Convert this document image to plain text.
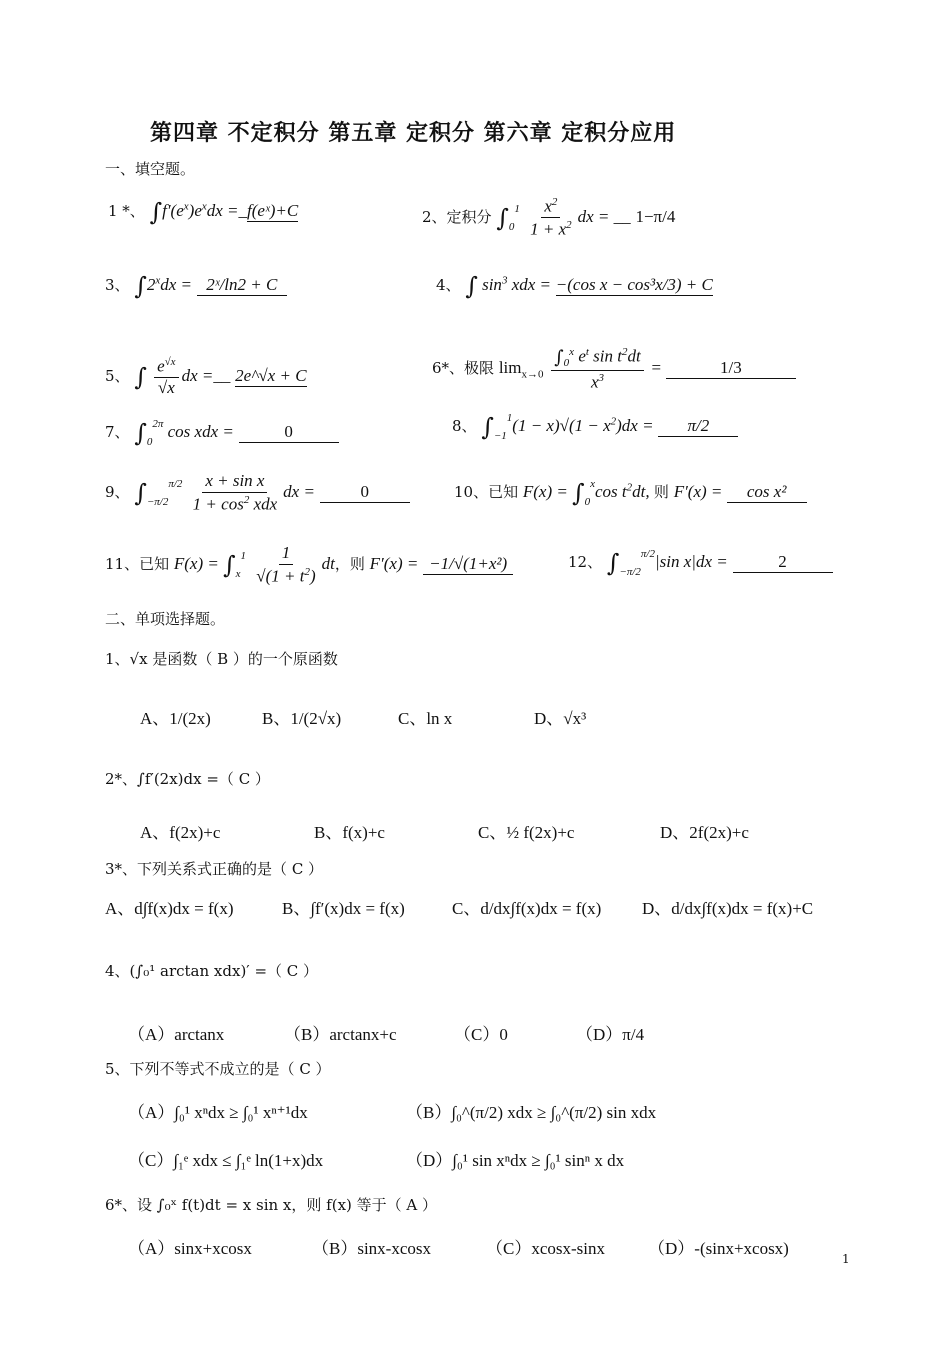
第四章 不定积分 第五章 定积分 第六章 定积分应用
一、填空题。
1 *、 $\int f'(e^x)e^xdx$ =_f(eˣ)+C	2、定积分 $\int_0^1 \frac{x^2}{1 + x^2}$ dx = __ 1−π/4
3、 $\int 2^xdx$ = 2ˣ/ln2 + C	4、 ∫ $\sin^3$ xdx = −(cos x − cos³x/3) + C
5、 ∫ $\frac{e^{√x}}{√x}$ dx =__ 2e^√x + C	6*、极限 $\lim_{x\to 0} \frac{\int_0^x e^t \sin t^2dt}{x^3}$ =	1/3
7、 $\int_0^{2\pi}$ cos xdx =	0	8、 $\int_{-1}^1(1 - x)√(1 - x^2)dx = \pi/2$
9、 $\int_{-\pi/2}^{\pi/2} \frac{\text{x + sin x}}{1 + \cos^2 xdx}$ dx =	0	10、已知 $F(x) = \int_0^x\cos$ $t^2dt$, 则 F′(x) = cos x²
11、已知 $F(x) = \int_x^1 \frac{1}{√(1 + t^2)}$ dt，则 F′(x) = −1/√(1+x²)	12、 $\int_{-\pi/2}^{\pi/2}|\sin$ x|dx =	2
二、单项选择题。
1、√x 是函数（ B ）的一个原函数
A、1/(2x)	B、1/(2√x)	C、ln x	D、√x³
2*、∫f′(2x)dx =（ C ）
A、f(2x)+c	B、f(x)+c	C、½ f(2x)+c	D、2f(2x)+c
3*、下列关系式正确的是（ C ）
A、d∫f(x)dx = f(x)	B、∫f′(x)dx = f(x)	C、d/dx∫f(x)dx = f(x) D、d/dx∫f(x)dx = f(x)+C
4、(∫₀¹ arctan xdx)′ =（ C ）
（A）arctanx	（B）arctanx+c	（C）0	（D）π/4
5、下列不等式不成立的是（ C ）
（A）∫₀¹ xⁿdx ≥ ∫₀¹ xⁿ⁺¹dx	（B）∫₀^(π/2) xdx ≥ ∫₀^(π/2) sin xdx
（C）∫₁ᵉ xdx ≤ ∫₁ᵉ ln(1+x)dx	（D）∫₀¹ sin xⁿdx ≥ ∫₀¹ sinⁿ x dx
6*、设 ∫₀ˣ f(t)dt = x sin x，则 f(x) 等于（ A ）
（A）sinx+xcosx	（B）sinx-xcosx	（C）xcosx-sinx	（D）-(sinx+xcosx)
1
